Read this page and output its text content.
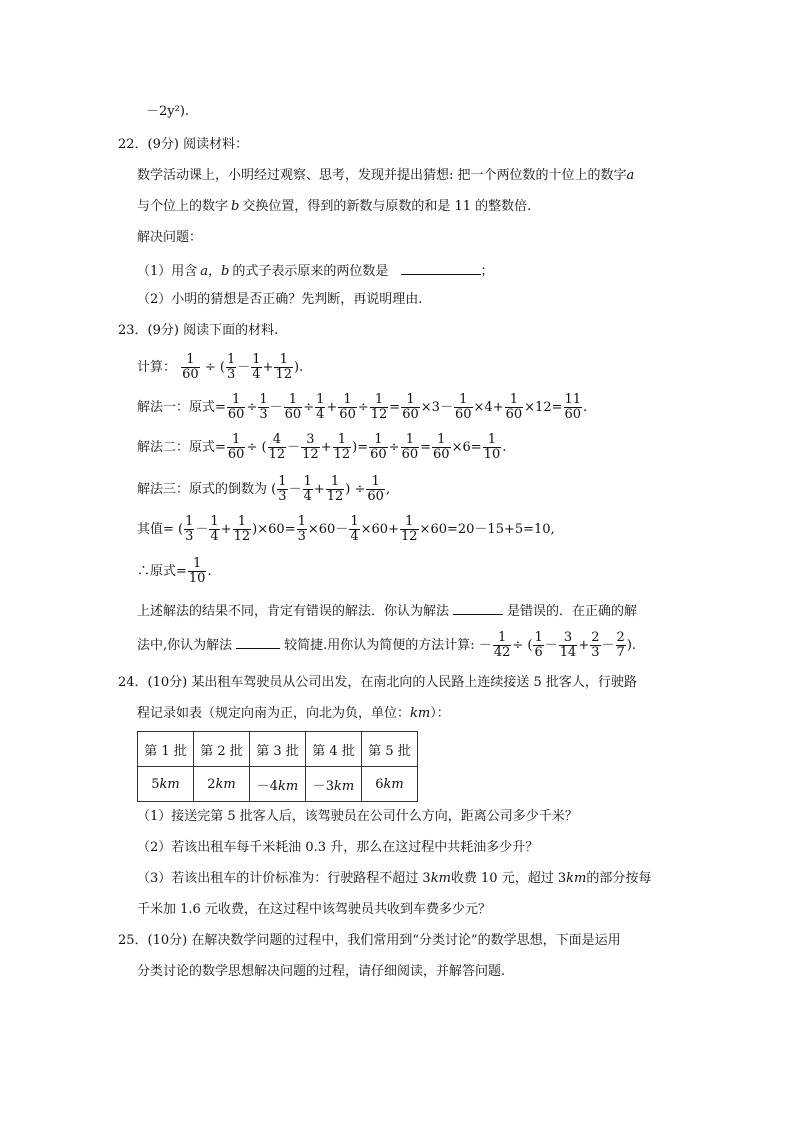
－2y²).
22．(9分) 阅读材料：
数学活动课上，小明经过观察、思考，发现并提出猜想: 把一个两位数的十位上的数字a
与个位上的数字 b 交换位置，得到的新数与原数的和是 11 的整数倍.
解决问题：
（1）用含 a，b 的式子表示原来的两位数是	；
（2）小明的猜想是否正确？先判断，再说明理由.
23．(9分) 阅读下面的材料.
计算： $\frac{1}{60}$ ÷ ( $\frac{1}{3} - \frac{1}{4} + \frac{1}{12}$ ).
解法一：原式= $\frac{1}{60} \div \frac{1}{3} - \frac{1}{60} \div \frac{1}{4} + \frac{1}{60} \div \frac{1}{12} = \frac{1}{60} \times 3- \frac{1}{60} \times 4+ \frac{1}{60} \times 12= \frac{11}{60}$ .
解法二：原式= $\frac{1}{60}$ ÷ ( $\frac{4}{12} - \frac{3}{12} + \frac{1}{12}$ )= $\frac{1}{60} \div \frac{1}{60} = \frac{1}{60} \times 6= \frac{1}{10}$ .
解法三：原式的倒数为 ( $\frac{1}{3} - \frac{1}{4} + \frac{1}{12}$ ) ÷ $\frac{1}{60}$ ,
其值= ( $\frac{1}{3} - \frac{1}{4} + \frac{1}{12} )\times 60= \frac{1}{3} \times 60- \frac{1}{4} \times 60+ \frac{1}{12} \times 60=20-15+5=10$,
∴原式= $\frac{1}{10}$ .
上述解法的结果不同，肯定有错误的解法．你认为解法	是错误的．在正确的解
法中,你认为解法	较简捷.用你认为简便的方法计算: － $\frac{1}{42}$ ÷ ( $\frac{1}{6} - \frac{3}{14} + \frac{2}{3} - \frac{2}{7}$ ).
24．(10分) 某出租车驾驶员从公司出发，在南北向的人民路上连续接送 5 批客人，行驶路
程记录如表（规定向南为正，向北为负，单位：km）：
第 1 批	第 2 批	第 3 批	第 4 批	第 5 批
5km	2km	－4km	－3km	6km
（1）接送完第 5 批客人后，该驾驶员在公司什么方向，距离公司多少千米？
（2）若该出租车每千米耗油 0.3 升，那么在这过程中共耗油多少升？
（3）若该出租车的计价标准为：行驶路程不超过 3km收费 10 元，超过 3km的部分按每
千米加 1.6 元收费，在这过程中该驾驶员共收到车费多少元？
25．(10分) 在解决数学问题的过程中，我们常用到“分类讨论”的数学思想，下面是运用
分类讨论的数学思想解决问题的过程，请仔细阅读，并解答问题.
